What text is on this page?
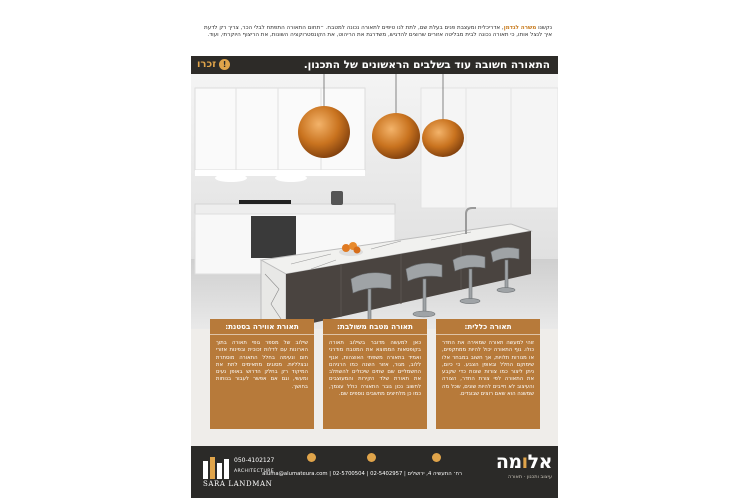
נקשנו משרה לגדמן, אדריכלית ומעצבת פנים בעלת שם, לתת לנו טיפים לתאורה נכונה למטבח. ״תחום התאורה התפתח לבלי הכר, צריך רק לדעת איך לנצל אותו, כי תאורה נכונה לבית מבליטה אזורים שרוצים להדגיש, משדרגת את הריהוט, את הקונסטרוקציה השונות, את הריצוף היוקרתי, ועוד.
התאורה חשובה עוד בשלבים הראשונים של התכנון.
!זכרו
תאורה כללית:
זוהי למעשה תאורה שמאירה את החדר כולו. גוף התאורה יכול להיות ממתקפים, או מנורות תלויות, אך חשוב במבחר אלו שימוקם החלל ובאופן הצבע. כי כיום, ניתן ליצור כמו צורות שונות כדי שקבע את התאורה לפי צורת החדר, הצורה והעיצוב לא חייבים להיות שונים, שכל מה שמשנה הוא שאם רוצים שבוגדים.
תאורה מטבח משולבת:
כאן למעשה מדובר בשילוב תאורה בקופסאות הממוצא את המטבח מודרני ואמיד בתאורה משפתי האוצהות, אגף ללוב, מגור, אזור השנה כמו הרגיהם החשמליים שם שתים שיכולים להשתלב את תאורת שלד הקירות והמעוצבים לחשוב נכון גובר התאורה כולל עצמך, כמו כן מלחיצים מחשבים נוספים שם.
תאורת אווירה בסטנת:
שילוב של מספר גופי תאורה בתוך הארונות עם לדלות זכוכית ובפינות אזורי חום ונעימה בחלל התאורה מוסתרת ובצלליות. מסוגים מתאימים לתת את המיקוד רק בחלק הדרוש באופן נעים ומעשי, וגם אם אפשר לעבור בנוחות בחושך.
אלומה
עיצוב ותכנון · תאורה
רח׳ התעשיה 4, ירושלים | 02-5402957 | 02-5700504 | aluma@alumateura.com
050-4102127
ARCHITECTURE
SARA LANDMAN
